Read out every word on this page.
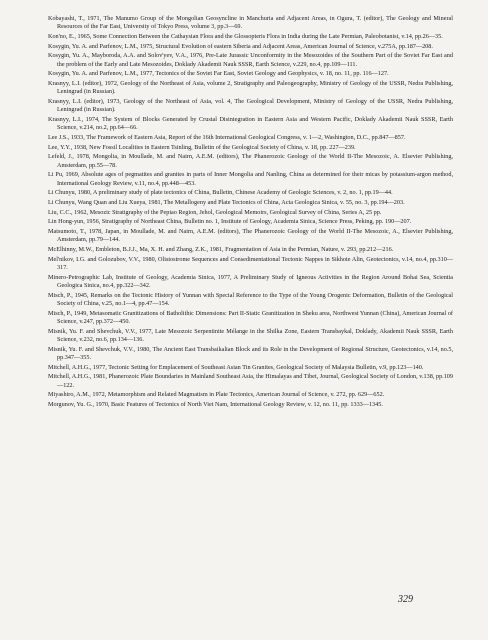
Kobayashi, T., 1971, The Manumo Group of the Mongolian Geosyncline in Manchuria and Adjacent Areas, in Ogura, T. (editor), The Geology and Mineral Resources of the Far East, University of Tokyo Press, volume 3, pp.3—69.

Kon'no, E., 1965, Some Connection Between the Cathaysian Flora and the Glossopteris Flora in India during the Late Permian, Paleobotanist, v.14, pp.26—35.

Kosygin, Yu. A. and Parfenov, L.M., 1975, Structural Evolution of eastern Siberia and Adjacent Areas, American Journal of Science, v.275A, pp.187—208.

Kosygin, Yu. A., Mayboroda, A.A. and Solov'yev, V.A., 1976, Pre-Late Jurassic Unconformity in the Mesozoides of the Southern Part of the Soviet Far East and the problem of the Early and Late Mesozoides, Doklady Akademii Nauk SSSR, Earth Science, v.229, no.4, pp.109—111.

Kosygin, Yu. A. and Parfenov, L.M., 1977, Tectonics of the Soviet Far East, Soviet Geology and Geophysics, v. 18, no. 11, pp. 116—127.

Krasnyy, L.I. (editor), 1972, Geology of the Northeast of Asia, volume 2, Stratigraphy and Paleogeography, Ministry of Geology of the USSR, Nedra Publishing, Leningrad (in Russian).

Krasnyy, L.I. (editor), 1973, Geology of the Northeast of Asia, vol. 4, The Geological Development, Ministry of Geology of the USSR, Nedra Publishing, Leningrad (in Russian).

Krasnyy, L.I., 1974, The System of Blocks Generated by Crustal Disintegration in Eastern Asia and Western Pacific, Doklady Akademii Nauk SSSR, Earth Science, v.214, no.2, pp.64—66.

Lee J.S., 1933, The Framework of Eastern Asia, Report of the 16th International Geological Congress, v. 1—2, Washington, D.C., pp.847—857.

Lee, Y.Y., 1938, New Fossil Localities in Eastern Tsinling, Bulletin of the Geological Society of China, v. 18, pp. 227—239.

Lefeld, J., 1978, Mongolia, in Moullade, M. and Nairn, A.E.M. (editors), The Phanerozoic Geology of the World II-The Mesozoic, A. Elsevier Publishing, Amsterdam, pp.55—78.

Li Pu, 1969, Absolute ages of pegmatites and granites in parts of Inner Mongolia and Nanling, China as determined for their micas by potassium-argon method, International Geology Review, v.11, no.4, pp.448—453.

Li Chunyu, 1980, A preliminary study of plate tectonics of China, Bulletin, Chinese Academy of Geologic Sciences, v. 2, no. 1, pp.19—44.

Li Chunyu, Wang Quan and Liu Xueya, 1981, The Metallogeny and Plate Tectonics of China, Acta Geologica Sinica, v. 55, no. 3, pp.194—203.

Liu, C.C., 1962, Mesozic Stratigraphy of the Pepiao Region, Jehol, Geological Memoirs, Geological Survey of China, Series A, 25 pp.

Lin Hong-yun, 1956, Stratigraphy of Northeast China, Bulletin no. 1, Institute of Geology, Academia Sinica, Science Press, Peking, pp. 190—207.

Matsumoto, T., 1978, Japan, in Moullade, M. and Nairn, A.E.M. (editors), The Phanerozoic Geology of the World II-The Mesozoic, A., Elsevier Publishing, Amsterdam, pp.79—144.

McElhinny, M.W., Embleton, B.J.J., Ma, X. H. and Zhang, Z.K., 1981, Fragmentation of Asia in the Permian, Nature, v. 293, pp.212—216.

Mel'nikov, I.G. and Golozubov, V.V., 1980, Olistostrome Sequences and Consedimentational Tectonic Nappes in Sikhote Alin, Geotectonics, v.14, no.4, pp.310—317.

Minero-Petrographic Lab, Institute of Geology, Academia Sinica, 1977, A Preliminary Study of Igneous Activities in the Region Around Bohai Sea, Scientia Geologica Sinica, no.4, pp.322—342.

Misch, P., 1945, Remarks on the Tectonic History of Yunnan with Special Reference to the Type of the Young Orogenic Deformation, Bulletin of the Geological Society of China, v.25, no.1—4, pp.47—154.

Misch, P., 1949, Metasomatic Granitizations of Batholithic Dimensions: Part II-Static Granitization in Sheku area, Northwest Yunnan (China), American Journal of Science, v.247, pp.372—450.

Misnik, Yu. F. and Shevchuk, V.V., 1977, Late Mesozoic Serpentinite Mélange in the Shilka Zone, Eastern Transbaykal, Doklady, Akademii Nauk SSSR, Earth Science, v.232, no.6, pp.134—136.

Misnik, Yu. F. and Shevchuk, V.V., 1980, The Ancient East Transbaikalian Block and its Role in the Development of Regional Structure, Geotectonics, v.14, no.5, pp.347—355.

Mitchell, A.H.G., 1977, Tectonic Setting for Emplacement of Southeast Asian Tin Granites, Geological Society of Malaysia Bulletin, v.9, pp.123—140.

Mitchell, A.H.G., 1981, Phanerozoic Plate Boundaries in Mainland Southeast Asia, the Himalayas and Tibet, Journal, Geological Society of London, v.138, pp.109—122.

Miyashiro, A.M., 1972, Metamorphism and Related Magmatism in Plate Tectonics, American Journal of Science, v. 272, pp. 629—652.

Morgunov, Yu. G., 1970, Basic Features of Tectonics of North Viet Nam, International Geology Review, v. 12, no. 11, pp. 1333—1345.

329
